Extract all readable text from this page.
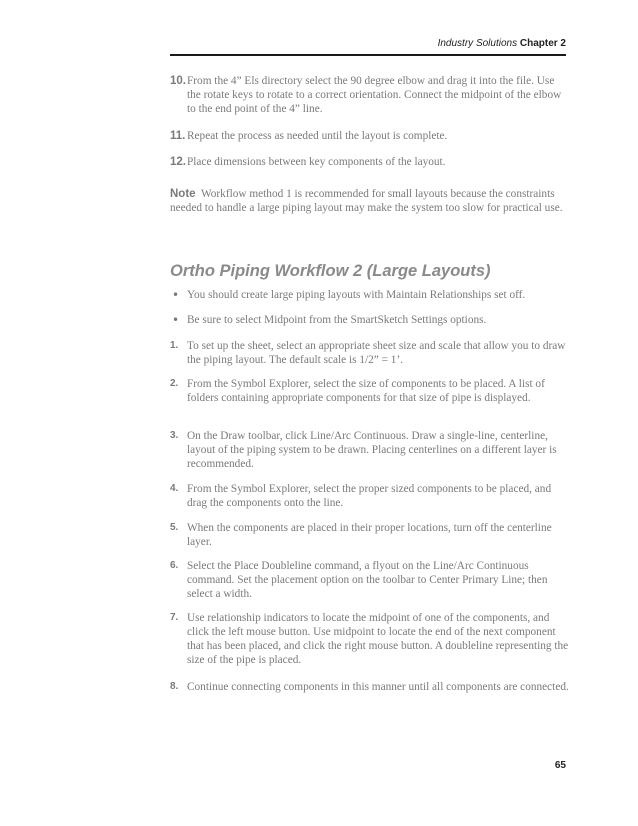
Industry Solutions Chapter 2
10. From the 4” Els directory select the 90 degree elbow and drag it into the file. Use the rotate keys to rotate to a correct orientation. Connect the midpoint of the elbow to the end point of the 4” line.
11. Repeat the process as needed until the layout is complete.
12. Place dimensions between key components of the layout.
Note Workflow method 1 is recommended for small layouts because the constraints needed to handle a large piping layout may make the system too slow for practical use.
Ortho Piping Workflow 2 (Large Layouts)
• You should create large piping layouts with Maintain Relationships set off.
• Be sure to select Midpoint from the SmartSketch Settings options.
1. To set up the sheet, select an appropriate sheet size and scale that allow you to draw the piping layout. The default scale is 1/2” = 1’.
2. From the Symbol Explorer, select the size of components to be placed. A list of folders containing appropriate components for that size of pipe is displayed.
3. On the Draw toolbar, click Line/Arc Continuous. Draw a single-line, centerline, layout of the piping system to be drawn. Placing centerlines on a different layer is recommended.
4. From the Symbol Explorer, select the proper sized components to be placed, and drag the components onto the line.
5. When the components are placed in their proper locations, turn off the centerline layer.
6. Select the Place Doubleline command, a flyout on the Line/Arc Continuous command. Set the placement option on the toolbar to Center Primary Line; then select a width.
7. Use relationship indicators to locate the midpoint of one of the components, and click the left mouse button. Use midpoint to locate the end of the next component that has been placed, and click the right mouse button. A doubleline representing the size of the pipe is placed.
8. Continue connecting components in this manner until all components are connected.
65
